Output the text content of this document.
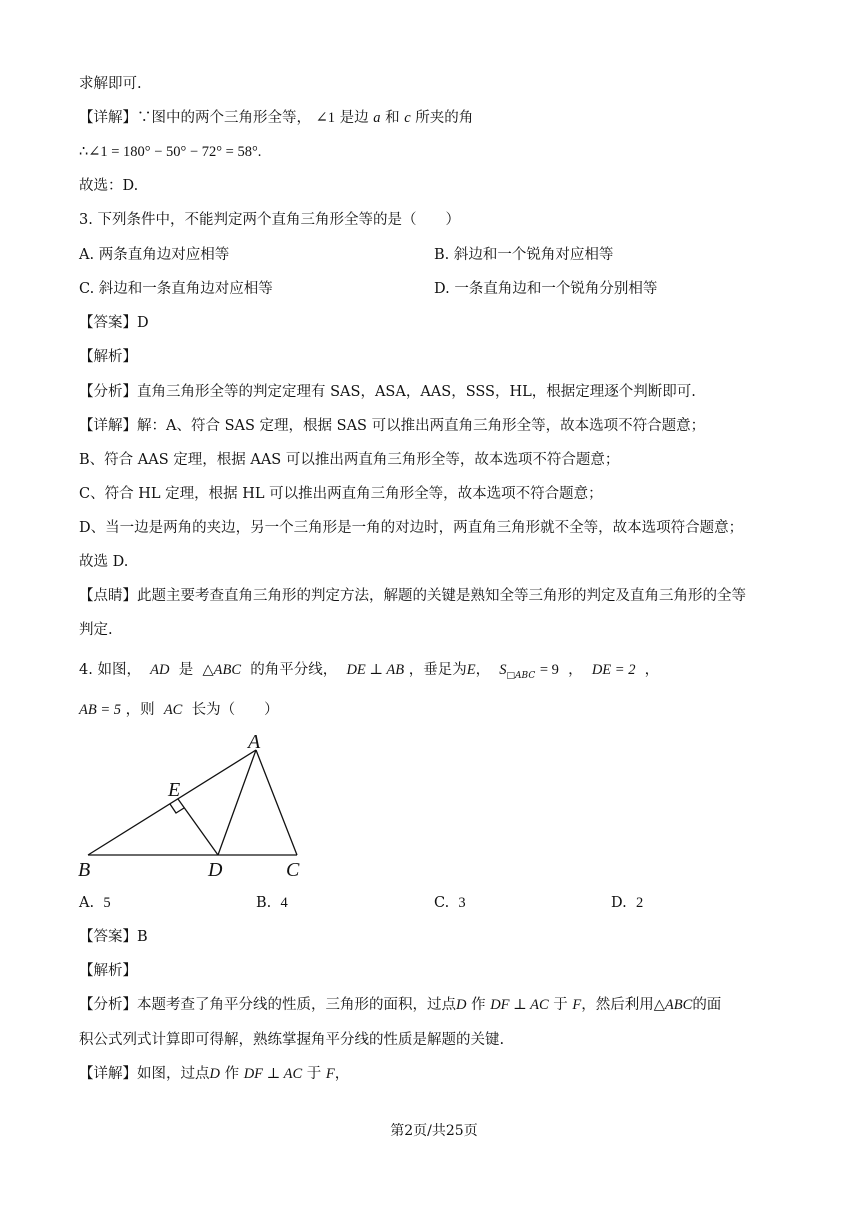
求解即可.
【详解】∵图中的两个三角形全等， ∠1 是边 a 和 c 所夹的角
∴∠1 = 180° − 50° − 72° = 58°.
故选：D.
3. 下列条件中，不能判定两个直角三角形全等的是（　　）
A. 两条直角边对应相等	B. 斜边和一个锐角对应相等
C. 斜边和一条直角边对应相等	D. 一条直角边和一个锐角分别相等
【答案】D
【解析】
【分析】直角三角形全等的判定定理有 SAS，ASA，AAS，SSS，HL，根据定理逐个判断即可.
【详解】解：A、符合 SAS 定理，根据 SAS 可以推出两直角三角形全等，故本选项不符合题意；
B、符合 AAS 定理，根据 AAS 可以推出两直角三角形全等，故本选项不符合题意；
C、符合 HL 定理，根据 HL 可以推出两直角三角形全等，故本选项不符合题意；
D、当一边是两角的夹边，另一个三角形是一角的对边时，两直角三角形就不全等，故本选项符合题意；
故选 D.
【点睛】此题主要考查直角三角形的判定方法，解题的关键是熟知全等三角形的判定及直角三角形的全等
判定.
4. 如图， AD 是 △ABC 的角平分线， DE ⊥ AB ，垂足为E， $S_{□ABC} = 9$ ， DE = 2 ，
AB = 5 ，则 AC 长为（　　）
A
B	C
D
E
A. 5	B. 4	C. 3	D. 2
【答案】B
【解析】
【分析】本题考查了角平分线的性质，三角形的面积，过点D 作 DF ⊥ AC 于 F，然后利用△ABC的面
积公式列式计算即可得解，熟练掌握角平分线的性质是解题的关键.
【详解】如图，过点D 作 DF ⊥ AC 于 F，
第2页/共25页
